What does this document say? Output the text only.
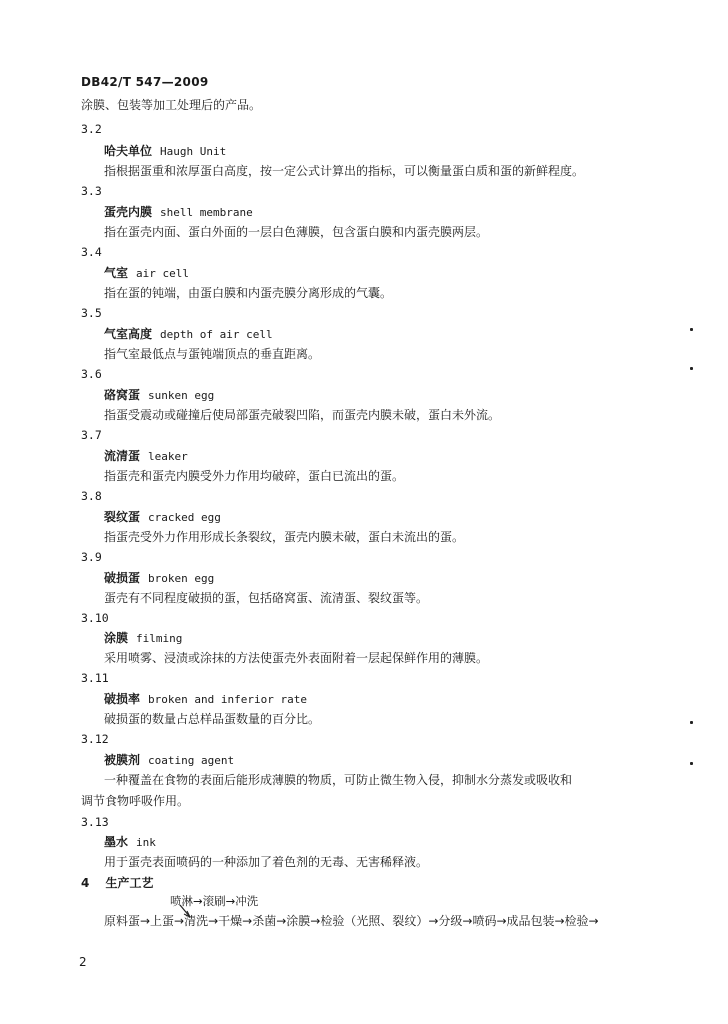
DB42/T 547—2009
涂膜、包装等加工处理后的产品。
3.2
哈夫单位 Haugh Unit
指根据蛋重和浓厚蛋白高度，按一定公式计算出的指标，可以衡量蛋白质和蛋的新鲜程度。
3.3
蛋壳内膜 shell membrane
指在蛋壳内面、蛋白外面的一层白色薄膜，包含蛋白膜和内蛋壳膜两层。
3.4
气室 air cell
指在蛋的钝端，由蛋白膜和内蛋壳膜分离形成的气囊。
3.5
气室高度 depth of air cell
指气室最低点与蛋钝端顶点的垂直距离。
3.6
硌窝蛋 sunken egg
指蛋受震动或碰撞后使局部蛋壳破裂凹陷，而蛋壳内膜未破，蛋白未外流。
3.7
流清蛋 leaker
指蛋壳和蛋壳内膜受外力作用均破碎，蛋白已流出的蛋。
3.8
裂纹蛋 cracked egg
指蛋壳受外力作用形成长条裂纹，蛋壳内膜未破，蛋白未流出的蛋。
3.9
破损蛋 broken egg
蛋壳有不同程度破损的蛋，包括硌窝蛋、流清蛋、裂纹蛋等。
3.10
涂膜 filming
采用喷雾、浸渍或涂抹的方法使蛋壳外表面附着一层起保鲜作用的薄膜。
3.11
破损率 broken and inferior rate
破损蛋的数量占总样品蛋数量的百分比。
3.12
被膜剂 coating agent
一种覆盖在食物的表面后能形成薄膜的物质，可防止微生物入侵，抑制水分蒸发或吸收和
调节食物呼吸作用。
3.13
墨水 ink
用于蛋壳表面喷码的一种添加了着色剂的无毒、无害稀释液。
4 生产工艺
喷淋→滚刷→冲洗
原料蛋→上蛋→清洗→干燥→杀菌→涂膜→检验（光照、裂纹）→分级→喷码→成品包装→检验→
2
